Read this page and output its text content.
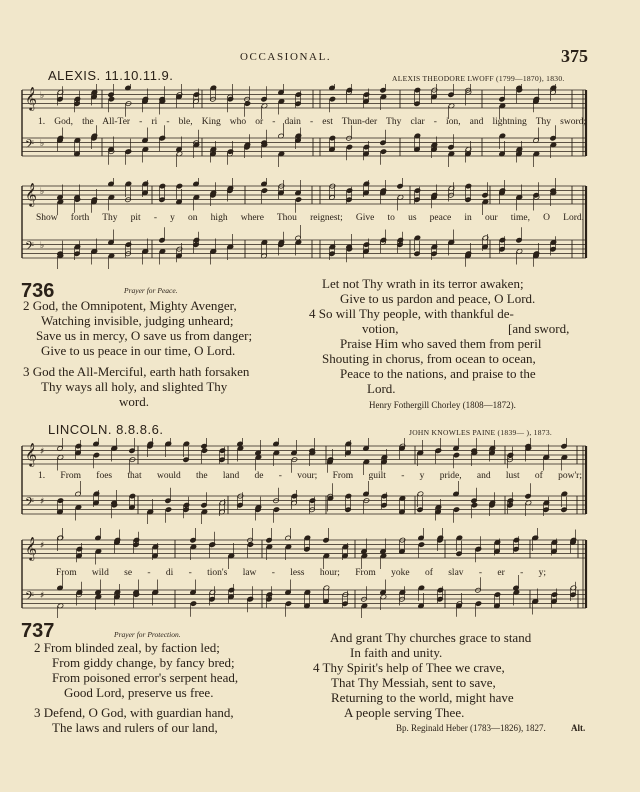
OCCASIONAL.	375
ALEXIS. 11.10.11.9.	ALEXIS THEODORE LWOFF (1799—1870), 1830.
𝄞 ♭
𝄢 ♭
1. God, the All-Ter - ri - ble, King who or - dain - est Thun-der Thy clar - ion, and lightning Thy sword;
𝄞 ♭
𝄢 ♭
Show forth Thy pit - y on high where Thou reignest; Give to us peace in our time, O Lord.
736	Prayer for Peace.
2 God, the Omnipotent, Mighty Avenger,
Watching invisible, judging unheard;
Save us in mercy, O save us from danger;
Give to us peace in our time, O Lord.
3 God the All-Merciful, earth hath forsaken
Thy ways all holy, and slighted Thy
word.
Let not Thy wrath in its terror awaken;
Give to us pardon and peace, O Lord.
4 So will Thy people, with thankful de-
votion,	[and sword,
Praise Him who saved them from peril
Shouting in chorus, from ocean to ocean,
Peace to the nations, and praise to the
Lord.
Henry Fothergill Chorley (1808—1872).
LINCOLN. 8.8.8.6.	JOHN KNOWLES PAINE (1839— ), 1873.
𝄞 ♯
𝄢 ♯
1. From foes that would the land de - vour; From guilt - y pride, and lust of pow'r;
𝄞 ♯
𝄢 ♯
From wild se - di - tion's law - less hour; From yoke of slav - er - y;
737	Prayer for Protection.
2 From blinded zeal, by faction led;
From giddy change, by fancy bred;
From poisoned error's serpent head,
Good Lord, preserve us free.
3 Defend, O God, with guardian hand,
The laws and rulers of our land,
And grant Thy churches grace to stand
In faith and unity.
4 Thy Spirit's help of Thee we crave,
That Thy Messiah, sent to save,
Returning to the world, might have
A people serving Thee.
Bp. Reginald Heber (1783—1826), 1827.	Alt.
